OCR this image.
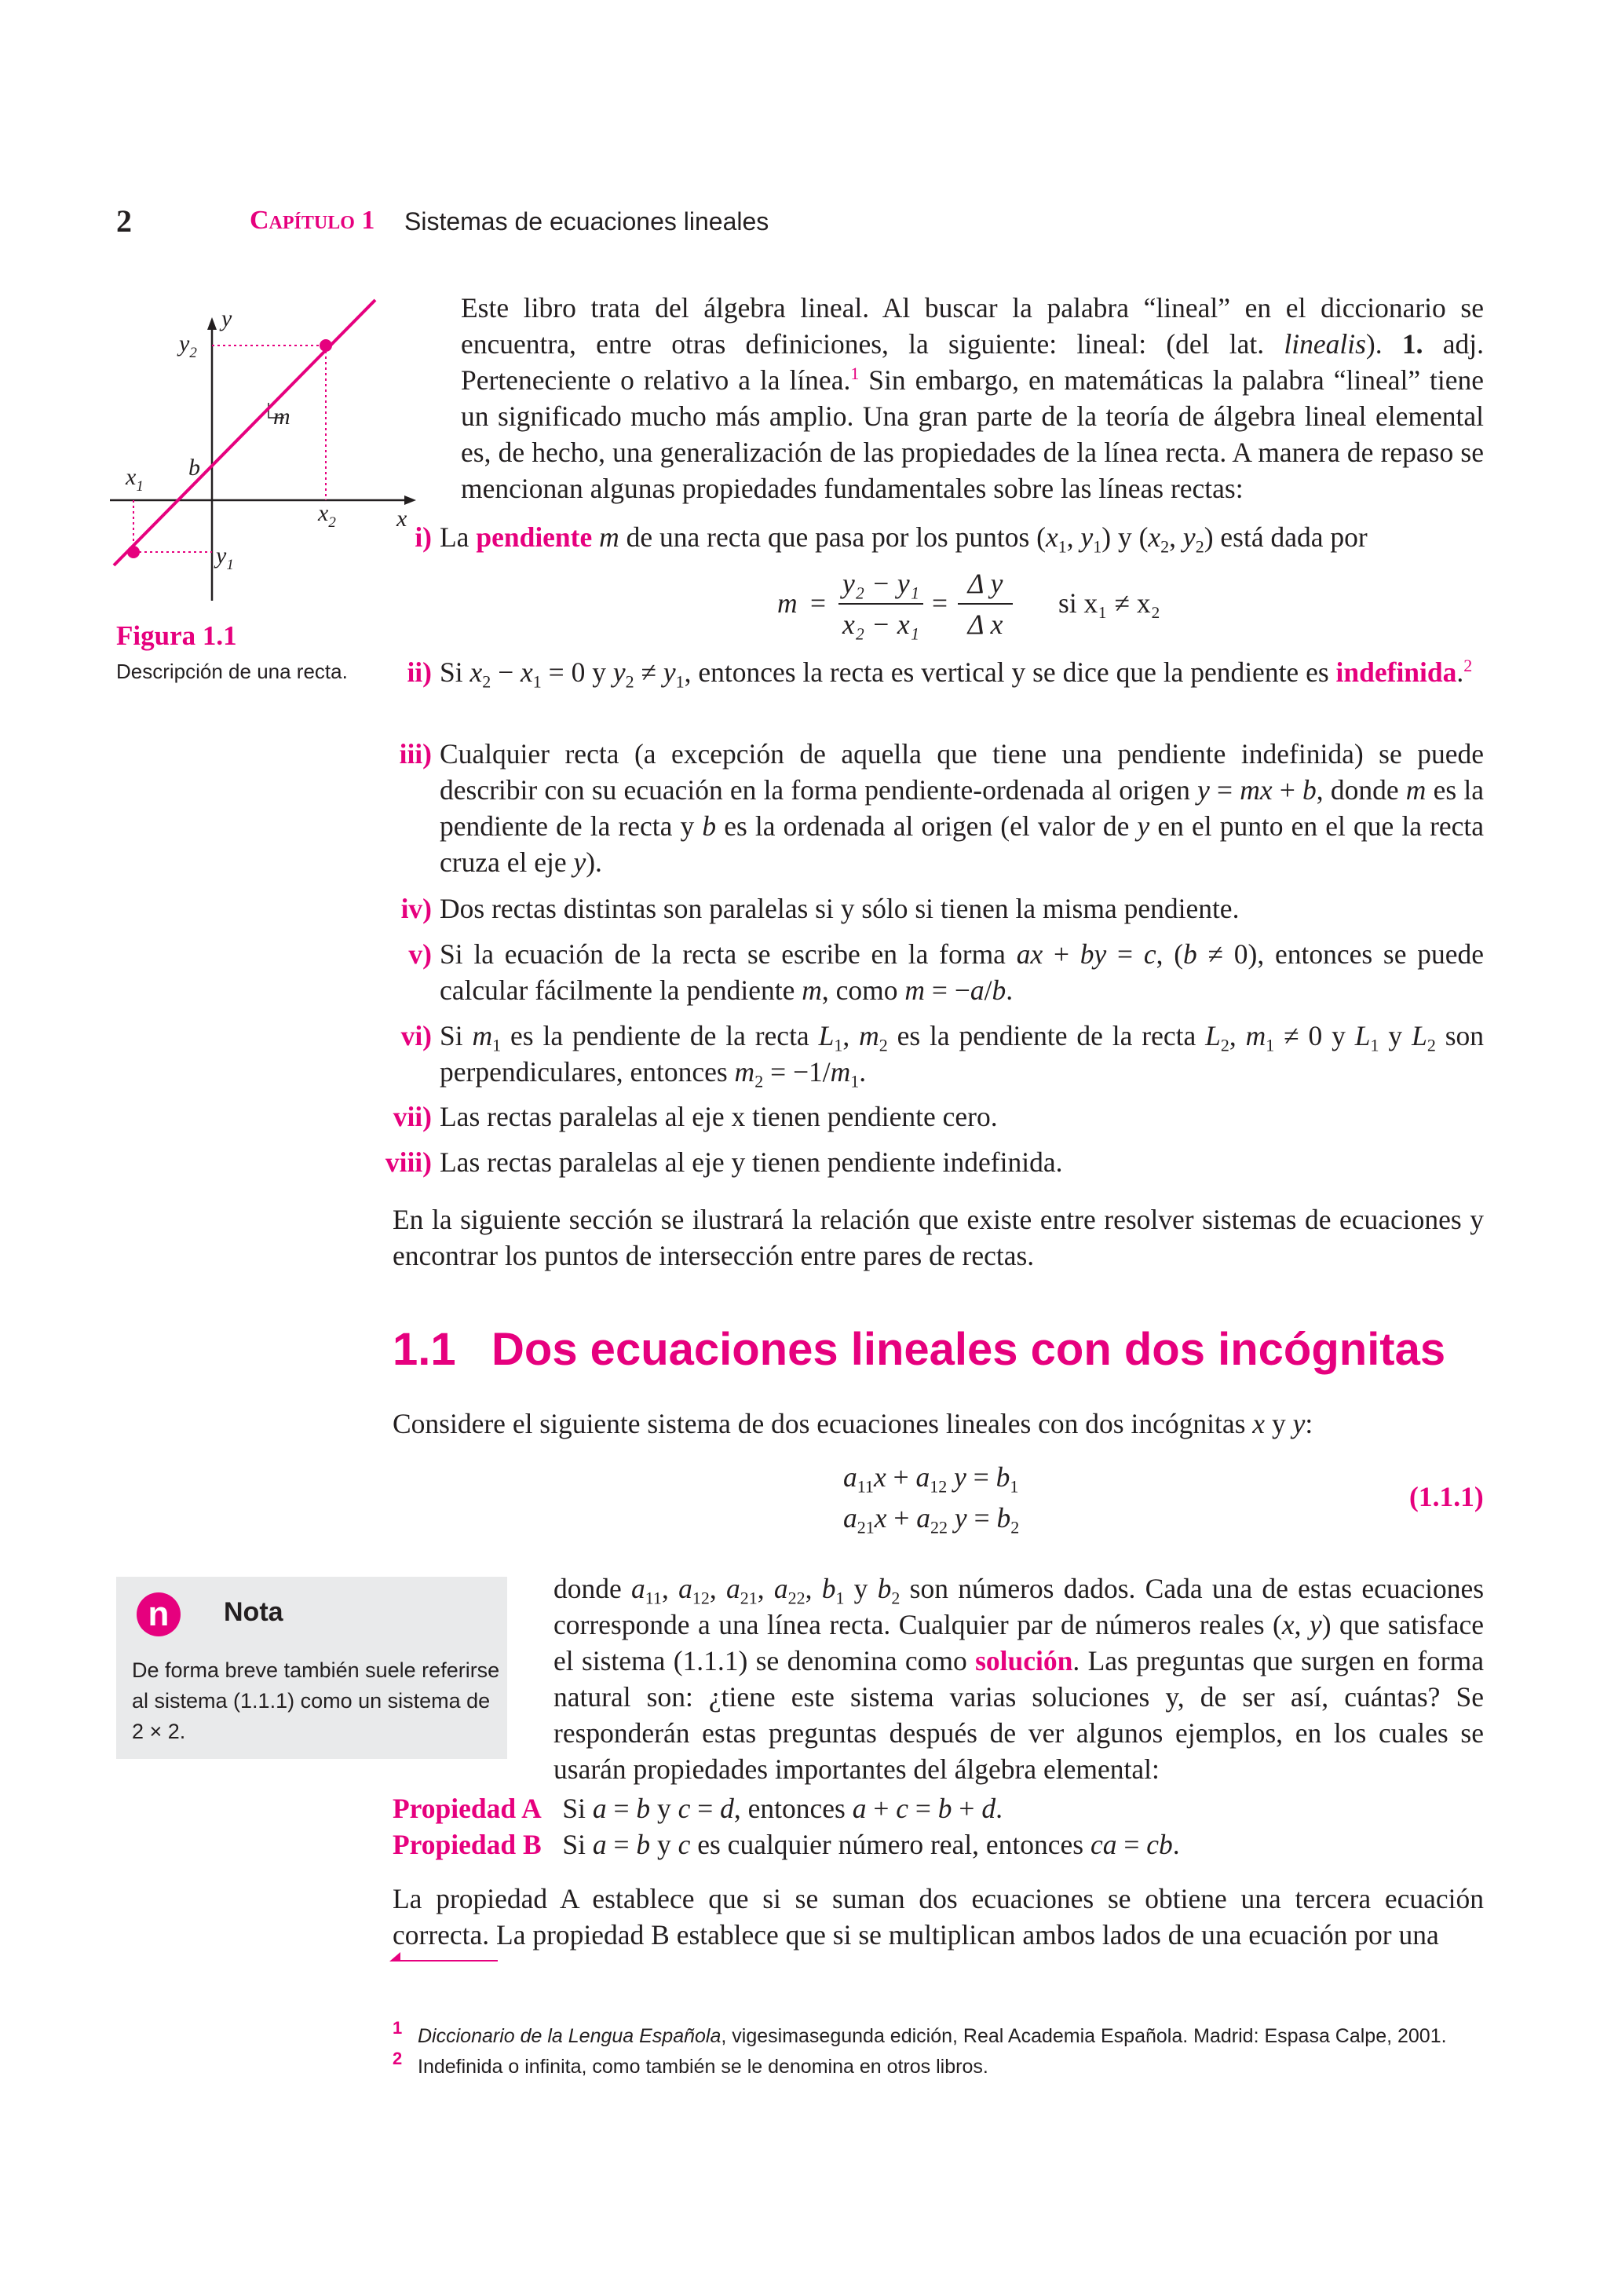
2	Capítulo 1 Sistemas de ecuaciones lineales
y
x
$y_2$
$y_1$
$x_1$
$x_2$
b
m
Figura 1.1
Descripción de una recta.
Este libro trata del álgebra lineal. Al buscar la palabra “lineal” en el diccionario se encuentra, entre otras definiciones, la siguiente: lineal: (del lat. linealis). 1. adj. Perteneciente o relativo a la línea.$^1$ Sin embargo, en matemáticas la palabra “lineal” tiene un significado mucho más amplio. Una gran parte de la teoría de álgebra lineal elemental es, de hecho, una generalización de las propiedades de la línea recta. A manera de repaso se mencionan algunas propiedades fundamentales sobre las líneas rectas:
i) La pendiente m de una recta que pasa por los puntos ($x_1$, $y_1$) y ($x_2$, $y_2$) está dada por
m =
y₂ − y₁
x₂ − x₁
=
Δ y
Δ x
si x₁ ≠ x₂
ii) Si $x_2 - x_1 = 0$ y $y_2 \ne y_1$, entonces la recta es vertical y se dice que la pendiente es indefinida.$^2$
iii) Cualquier recta (a excepción de aquella que tiene una pendiente indefinida) se puede describir con su ecuación en la forma pendiente-ordenada al origen y = mx + b, donde m es la pendiente de la recta y b es la ordenada al origen (el valor de y en el punto en el que la recta cruza el eje y).
iv) Dos rectas distintas son paralelas si y sólo si tienen la misma pendiente.
v) Si la ecuación de la recta se escribe en la forma ax + by = c, (b ≠ 0), entonces se puede calcular fácilmente la pendiente m, como m = −a/b.
vi) Si $m_1$ es la pendiente de la recta $L_1$, $m_2$ es la pendiente de la recta $L_2$, $m_1 \ne 0$ y $L_1$ y $L_2$ son perpendiculares, entonces $m_2 = -1/m_1$.
vii) Las rectas paralelas al eje x tienen pendiente cero.
viii) Las rectas paralelas al eje y tienen pendiente indefinida.
En la siguiente sección se ilustrará la relación que existe entre resolver sistemas de ecuaciones y encontrar los puntos de intersección entre pares de rectas.
1.1 Dos ecuaciones lineales con dos incógnitas
Considere el siguiente sistema de dos ecuaciones lineales con dos incógnitas x y y:
$a_{11}x + a_{12}$ $y = b_1$
$a_{21}x + a_{22}$ $y = b_2$
(1.1.1)
n	Nota
De forma breve también suele referirse al sistema (1.1.1) como un sistema de 2 × 2.
donde $a_{11}$, $a_{12}$, $a_{21}$, $a_{22}$, $b_1$ y $b_2$ son números dados. Cada una de estas ecuaciones corresponde a una línea recta. Cualquier par de números reales (x, y) que satisface el sistema (1.1.1) se denomina como solución. Las preguntas que surgen en forma natural son: ¿tiene este sistema varias soluciones y, de ser así, cuántas? Se responderán estas preguntas después de ver algunos ejemplos, en los cuales se usarán propiedades importantes del álgebra elemental:
Propiedad A   Si a = b y c = d, entonces a + c = b + d.
Propiedad B   Si a = b y c es cualquier número real, entonces ca = cb.
La propiedad A establece que si se suman dos ecuaciones se obtiene una tercera ecuación correcta. La propiedad B establece que si se multiplican ambos lados de una ecuación por una
1 Diccionario de la Lengua Española, vigesimasegunda edición, Real Academia Española. Madrid: Espasa Calpe, 2001.
2 Indefinida o infinita, como también se le denomina en otros libros.
